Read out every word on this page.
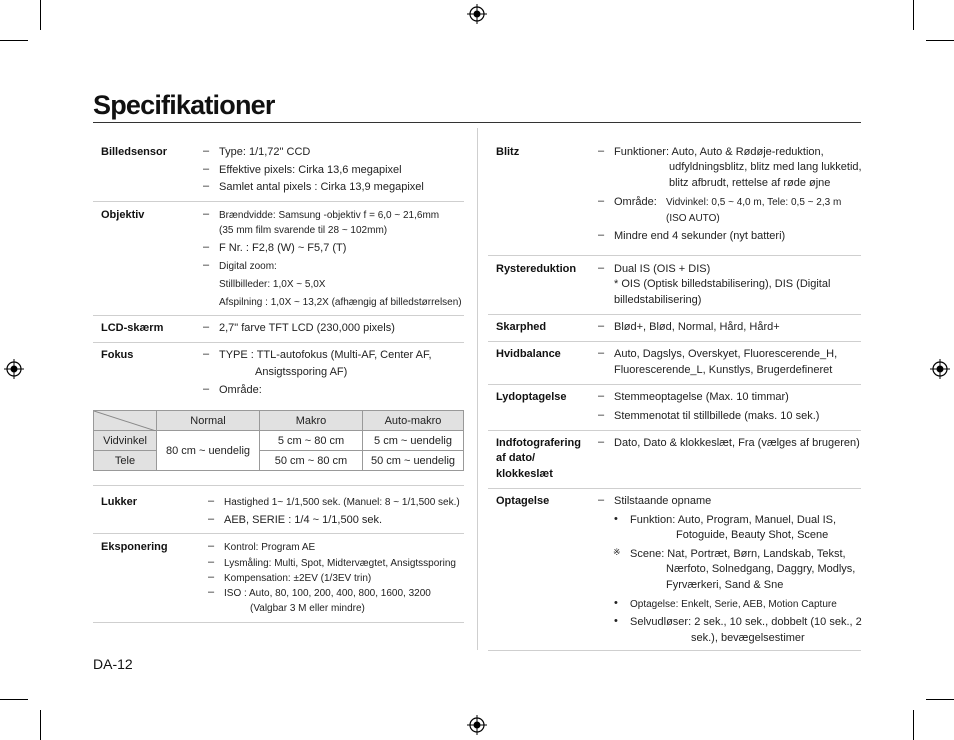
Specifikationer
Billedsensor	– Type: 1/1,72" CCD
– Effektive pixels: Cirka 13,6 megapixel
– Samlet antal pixels : Cirka 13,9 megapixel
Objektiv	– Brændvidde: Samsung -objektiv f = 6,0 ~ 21,6mm
(35 mm film svarende til 28 ~ 102mm)
– F Nr. : F2,8 (W) ~ F5,7 (T)
– Digital zoom:
Stillbilleder: 1,0X ~ 5,0X
Afspilning : 1,0X ~ 13,2X (afhængig af billedstørrelsen)
LCD-skærm	– 2,7" farve TFT LCD (230,000 pixels)
Fokus	– TYPE : TTL-autofokus (Multi-AF, Center AF,
Ansigtssporing AF)
– Område:
	Normal	Makro	Auto-makro
Vidvinkel	80 cm ~ uendelig	5 cm ~ 80 cm	5 cm ~ uendelig
Tele		50 cm ~ 80 cm	50 cm ~ uendelig
Lukker	– Hastighed 1~ 1/1,500 sek. (Manuel: 8 ~ 1/1,500 sek.)
– AEB, SERIE : 1/4 ~ 1/1,500 sek.
Eksponering	– Kontrol: Program AE
– Lysmåling: Multi, Spot, Midtervægtet, Ansigtssporing
– Kompensation: ±2EV (1/3EV trin)
– ISO : Auto, 80, 100, 200, 400, 800, 1600, 3200
(Valgbar 3 M eller mindre)
Blitz	– Funktioner: Auto, Auto & Rødøje-reduktion,
udfyldningsblitz, blitz med lang lukketid,
blitz afbrudt, rettelse af røde øjne
– Område: Vidvinkel: 0,5 ~ 4,0 m, Tele: 0,5 ~ 2,3 m
(ISO AUTO)
– Mindre end 4 sekunder (nyt batteri)
Rystereduktion – Dual IS (OIS + DIS)
* OIS (Optisk billedstabilisering), DIS (Digital
billedstabilisering)
Skarphed	– Blød+, Blød, Normal, Hård, Hård+
Hvidbalance	– Auto, Dagslys, Overskyet, Fluorescerende_H,
Fluorescerende_L, Kunstlys, Brugerdefineret
Lydoptagelse	– Stemmeoptagelse (Max. 10 timmar)
– Stemmenotat til stillbillede (maks. 10 sek.)
Indfotografering
af dato/
klokkeslæt
– Dato, Dato & klokkeslæt, Fra (vælges af brugeren)
Optagelse	– Stilstaande opname
• Funktion: Auto, Program, Manuel, Dual IS,
Fotoguide, Beauty Shot, Scene
※ Scene: Nat, Portræt, Børn, Landskab, Tekst,
Nærfoto, Solnedgang, Daggry, Modlys,
Fyrværkeri, Sand & Sne
• Optagelse: Enkelt, Serie, AEB, Motion Capture
• Selvudløser: 2 sek., 10 sek., dobbelt (10 sek., 2
sek.), bevægelsestimer
DA-12
